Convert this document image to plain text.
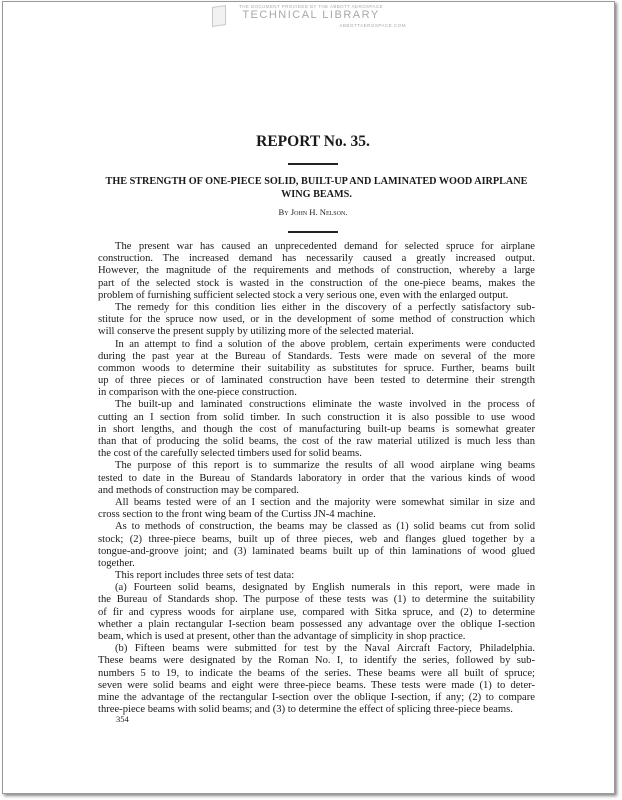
THE DOCUMENT PROVIDED BY THE ABBOTT AEROSPACE
TECHNICAL LIBRARY
ABBOTTAEROSPACE.COM
REPORT No. 35.
THE STRENGTH OF ONE-PIECE SOLID, BUILT-UP AND LAMINATED WOOD AIRPLANE
WING BEAMS.
By John H. Nelson.
The present war has caused an unprecedented demand for selected spruce for airplane
construction. The increased demand has necessarily caused a greatly increased output.
However, the magnitude of the requirements and methods of construction, whereby a large
part of the selected stock is wasted in the construction of the one-piece beams, makes the
problem of furnishing sufficient selected stock a very serious one, even with the enlarged output.
The remedy for this condition lies either in the discovery of a perfectly satisfactory sub-
stitute for the spruce now used, or in the development of some method of construction which
will conserve the present supply by utilizing more of the selected material.
In an attempt to find a solution of the above problem, certain experiments were conducted
during the past year at the Bureau of Standards. Tests were made on several of the more
common woods to determine their suitability as substitutes for spruce. Further, beams built
up of three pieces or of laminated construction have been tested to determine their strength
in comparison with the one-piece construction.
The built-up and laminated constructions eliminate the waste involved in the process of
cutting an I section from solid timber. In such construction it is also possible to use wood
in short lengths, and though the cost of manufacturing built-up beams is somewhat greater
than that of producing the solid beams, the cost of the raw material utilized is much less than
the cost of the carefully selected timbers used for solid beams.
The purpose of this report is to summarize the results of all wood airplane wing beams
tested to date in the Bureau of Standards laboratory in order that the various kinds of wood
and methods of construction may be compared.
All beams tested were of an I section and the majority were somewhat similar in size and
cross section to the front wing beam of the Curtiss JN-4 machine.
As to methods of construction, the beams may be classed as (1) solid beams cut from solid
stock; (2) three-piece beams, built up of three pieces, web and flanges glued together by a
tongue-and-groove joint; and (3) laminated beams built up of thin laminations of wood glued
together.
This report includes three sets of test data:
(a) Fourteen solid beams, designated by English numerals in this report, were made in
the Bureau of Standards shop. The purpose of these tests was (1) to determine the suitability
of fir and cypress woods for airplane use, compared with Sitka spruce, and (2) to determine
whether a plain rectangular I-section beam possessed any advantage over the oblique I-section
beam, which is used at present, other than the advantage of simplicity in shop practice.
(b) Fifteen beams were submitted for test by the Naval Aircraft Factory, Philadelphia.
These beams were designated by the Roman No. I, to identify the series, followed by sub-
numbers 5 to 19, to indicate the beams of the series. These beams were all built of spruce;
seven were solid beams and eight were three-piece beams. These tests were made (1) to deter-
mine the advantage of the rectangular I-section over the oblique I-section, if any; (2) to compare
three-piece beams with solid beams; and (3) to determine the effect of splicing three-piece beams.
354
